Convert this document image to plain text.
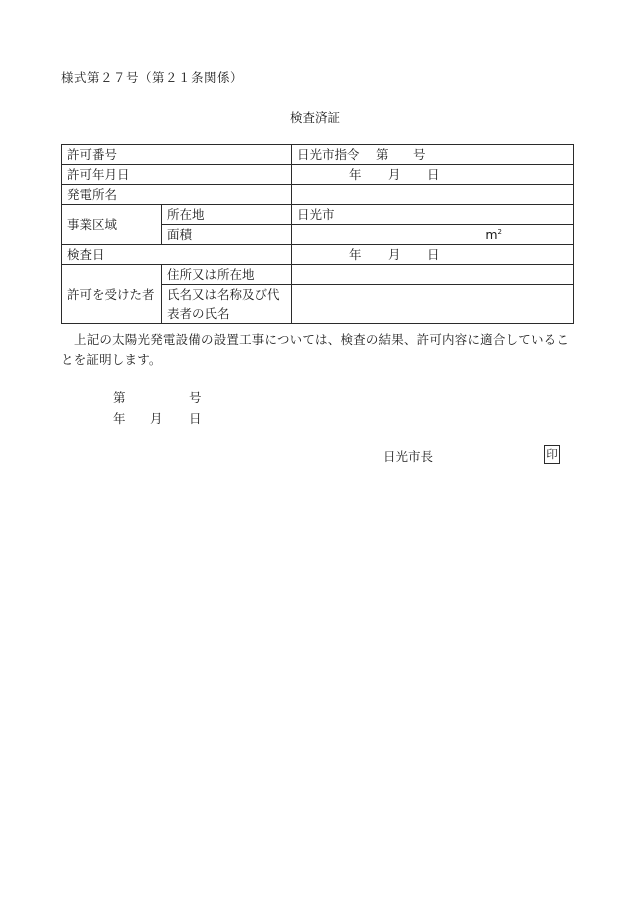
様式第２７号（第２１条関係）
検査済証
許可番号		日光市指令 第 号

許可年月日		年 月 日

発電所名		
事業区域	所在地	日光市
	面積	$m^2$
検査日		年 月 日

許可を受けた者	住所又は所在地	
	氏名又は名称及び代
表者の氏名	
上記の太陽光発電設備の設置工事については、検査の結果、許可内容に適合していることを証明します。
第	号
年 月 日
日光市長	印
